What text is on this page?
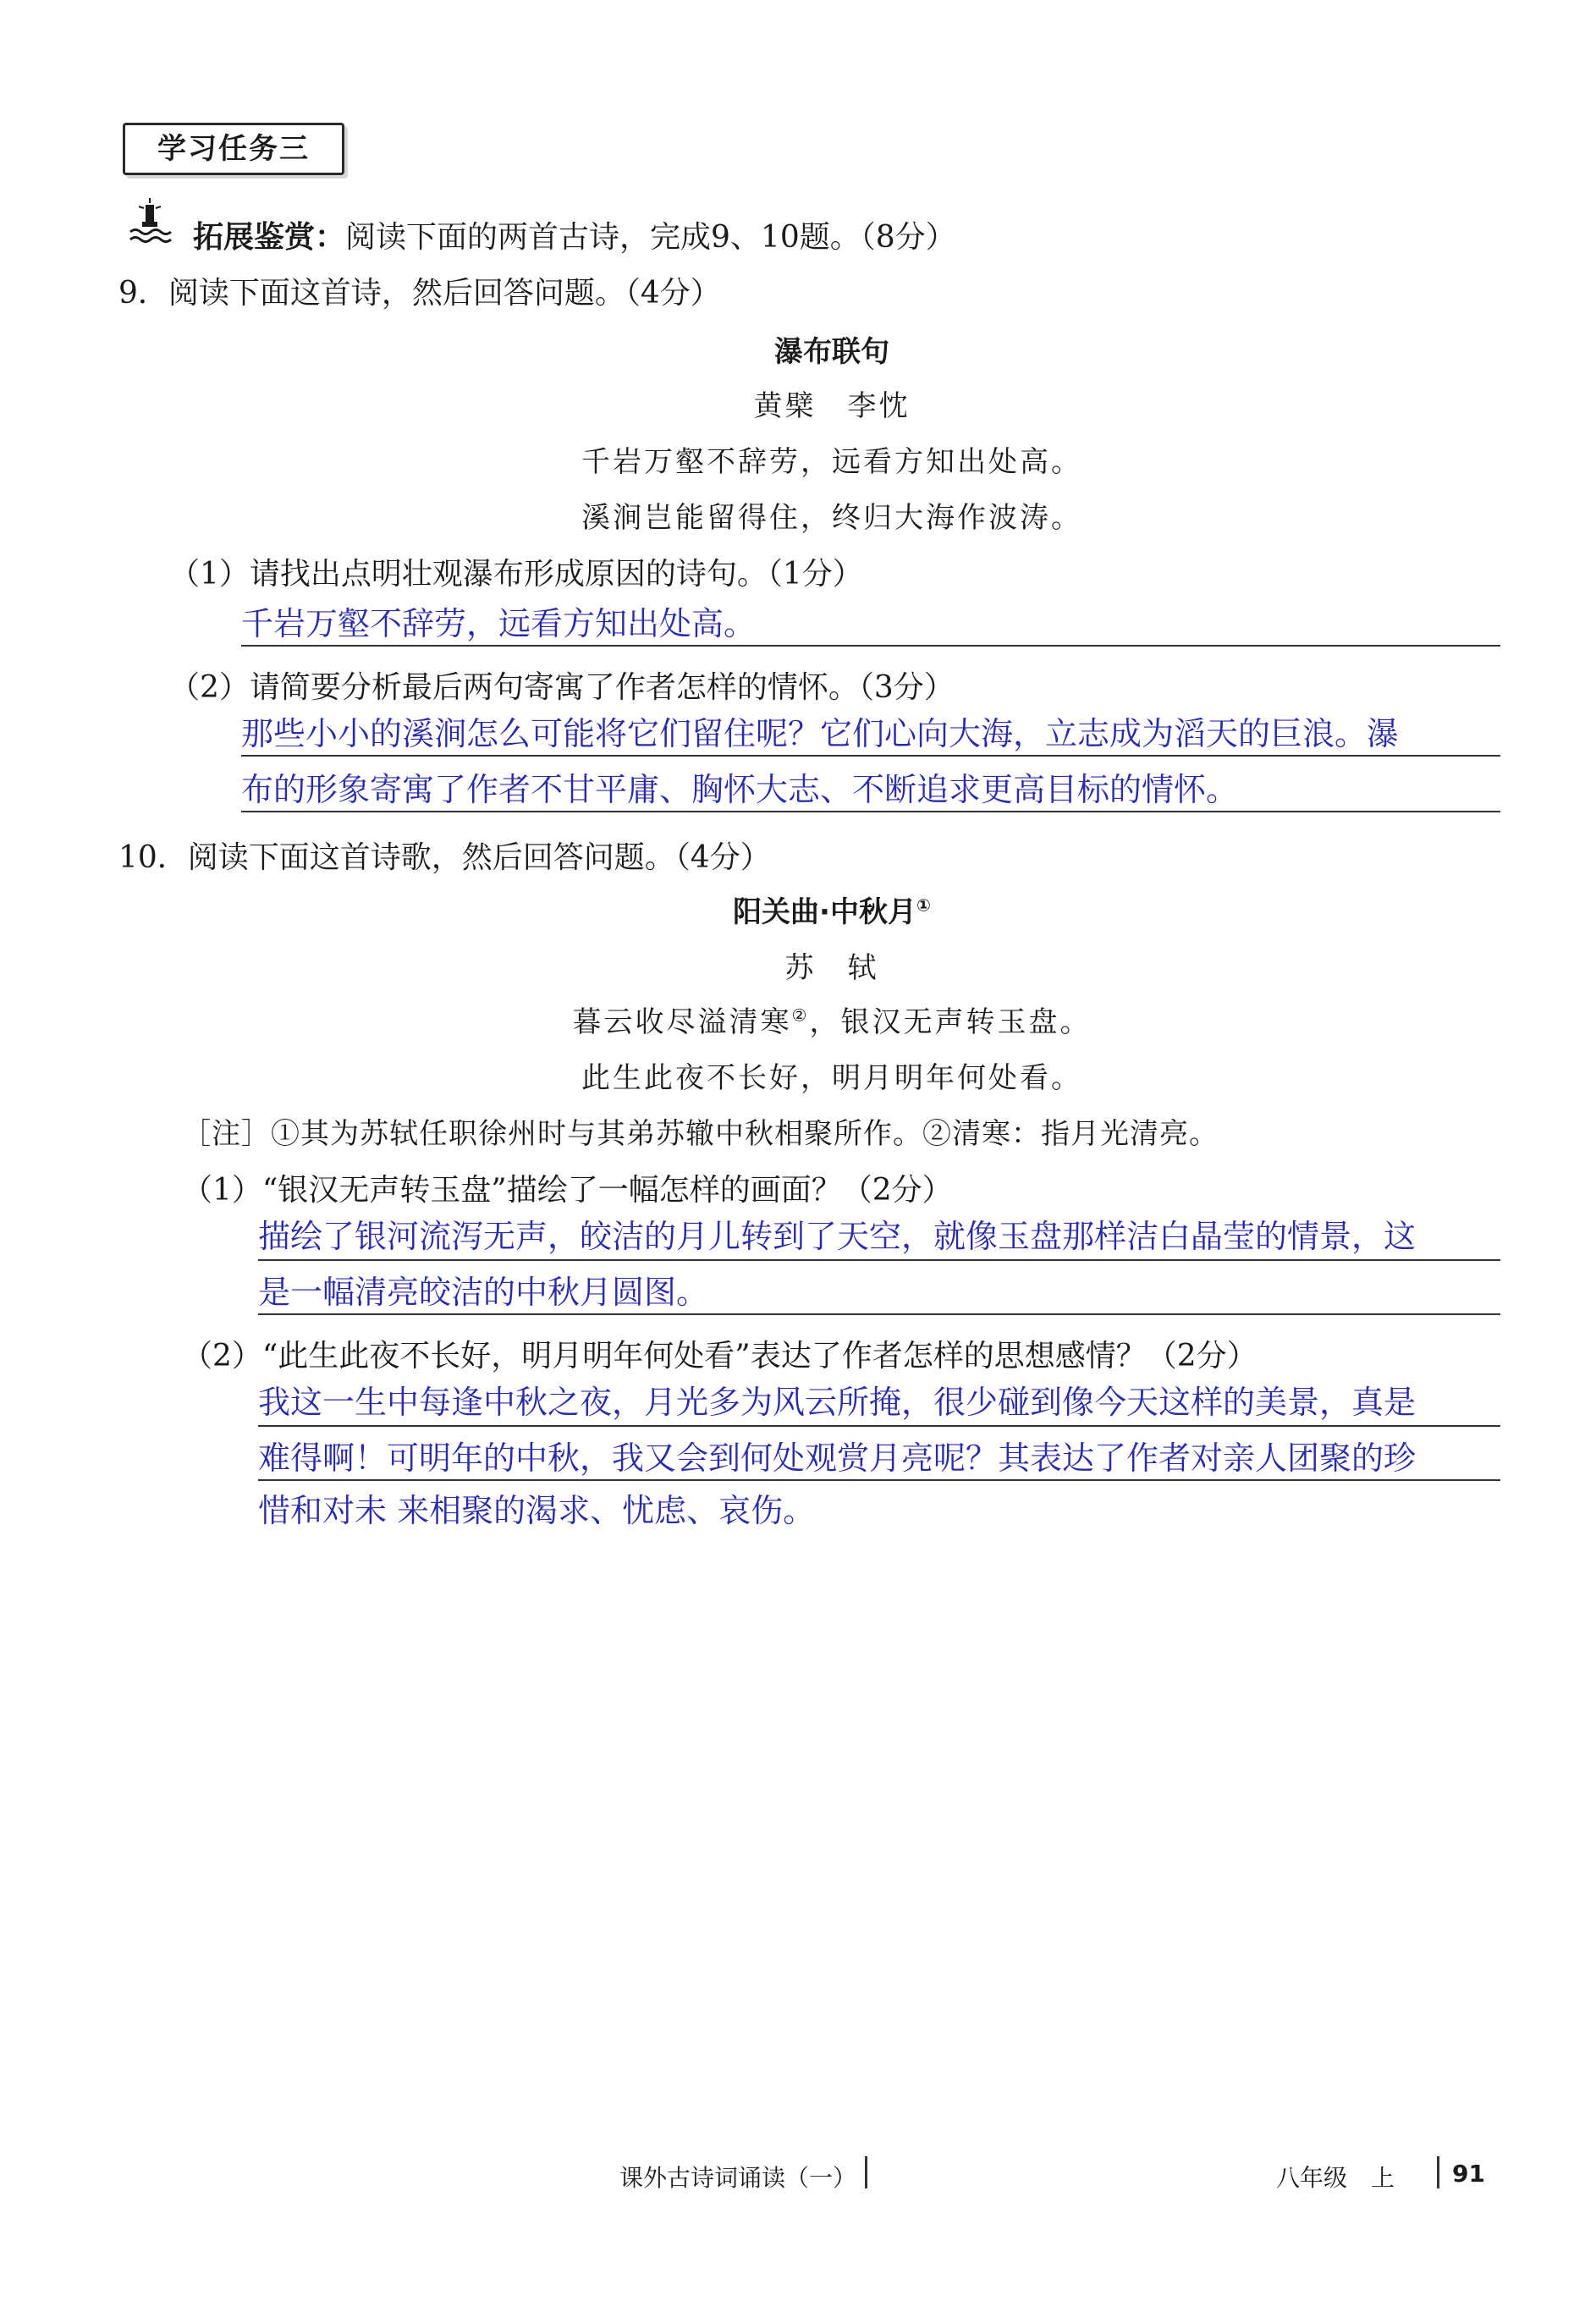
学习任务三
拓展鉴赏：阅读下面的两首古诗，完成9、10题。（8分）
9．阅读下面这首诗，然后回答问题。（4分）
瀑布联句
黄檗　李忱
千岩万壑不辞劳，远看方知出处高。
溪涧岂能留得住，终归大海作波涛。
（1）请找出点明壮观瀑布形成原因的诗句。（1分）
千岩万壑不辞劳，远看方知出处高。
（2）请简要分析最后两句寄寓了作者怎样的情怀。（3分）
那些小小的溪涧怎么可能将它们留住呢？它们心向大海，立志成为滔天的巨浪。瀑
布的形象寄寓了作者不甘平庸、胸怀大志、不断追求更高目标的情怀。
10．阅读下面这首诗歌，然后回答问题。（4分）
阳关曲·中秋月①
苏　轼
暮云收尽溢清寒②，银汉无声转玉盘。
此生此夜不长好，明月明年何处看。
［注］①其为苏轼任职徐州时与其弟苏辙中秋相聚所作。②清寒：指月光清亮。
（1）“银汉无声转玉盘”描绘了一幅怎样的画面？（2分）
描绘了银河流泻无声，皎洁的月儿转到了天空，就像玉盘那样洁白晶莹的情景，这
是一幅清亮皎洁的中秋月圆图。
（2）“此生此夜不长好，明月明年何处看”表达了作者怎样的思想感情？（2分）
我这一生中每逢中秋之夜，月光多为风云所掩，很少碰到像今天这样的美景，真是
难得啊！可明年的中秋，我又会到何处观赏月亮呢？其表达了作者对亲人团聚的珍
惜和对未 来相聚的渴求、忧虑、哀伤。
课外古诗词诵读（一）	八年级　上 91
